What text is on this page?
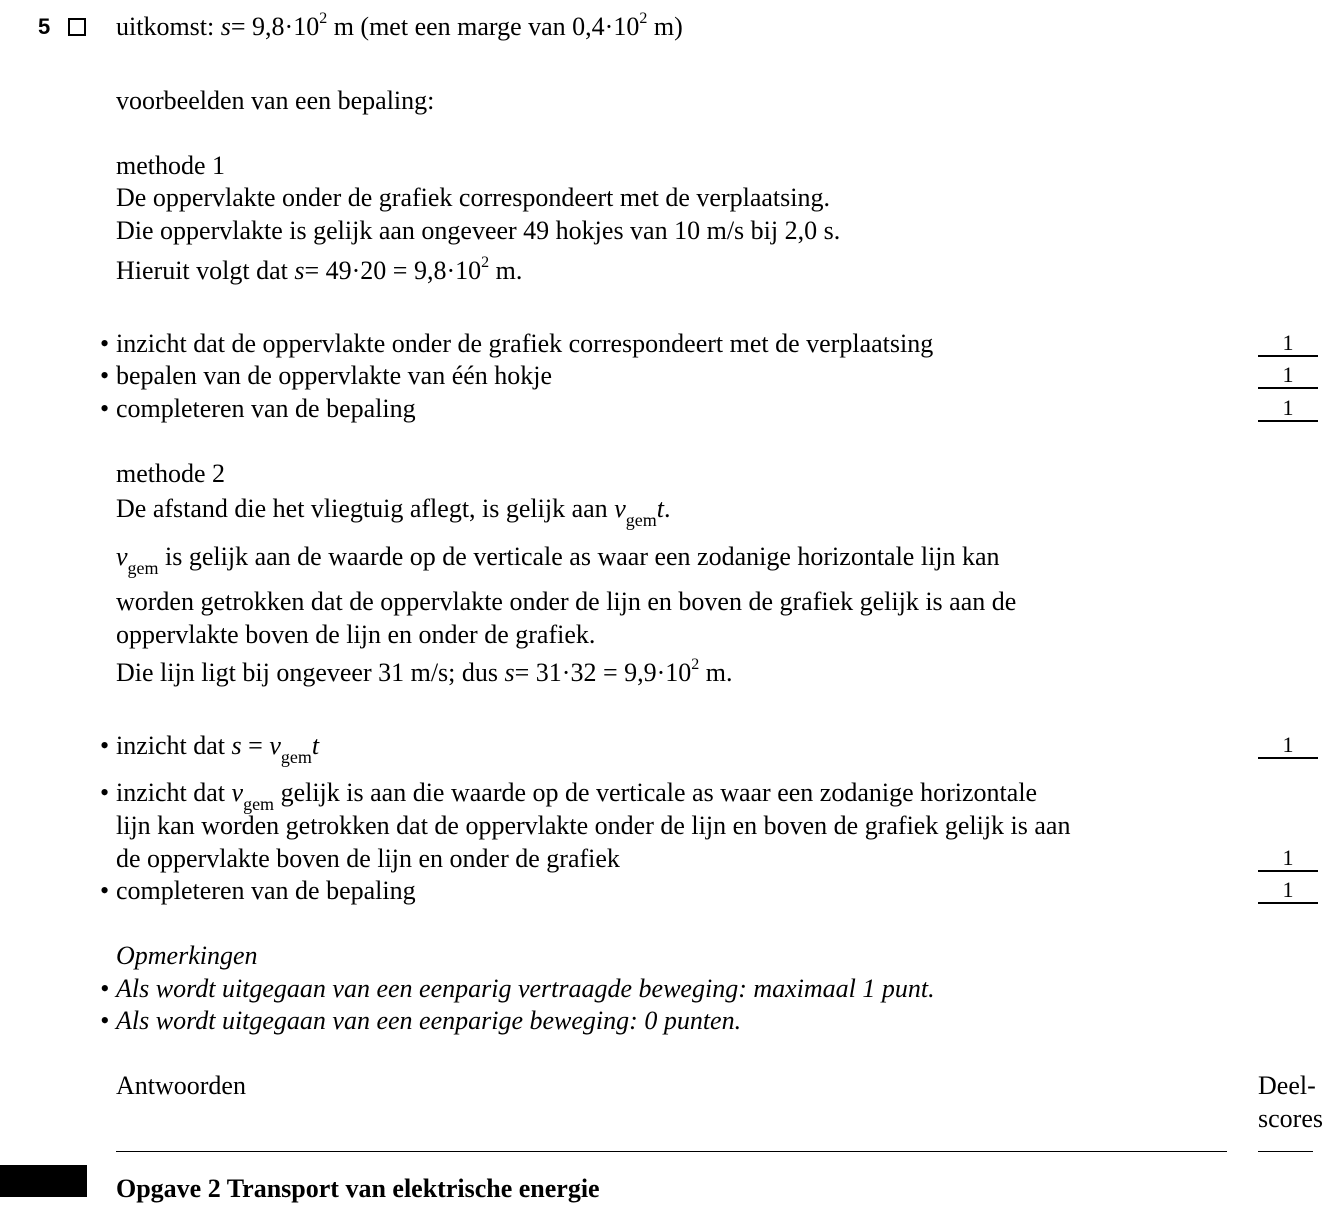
5	uitkomst: $s= 9,8\cdot 10^2$ m (met een marge van $0,4\cdot 10^2$ m)
voorbeelden van een bepaling:
methode 1
De oppervlakte onder de grafiek correspondeert met de verplaatsing.
Die oppervlakte is gelijk aan ongeveer 49 hokjes van 10 m/s bij 2,0 s.
Hieruit volgt dat $s= 49\cdot 20 = 9,8\cdot 10^2$ m.
• inzicht dat de oppervlakte onder de grafiek correspondeert met de verplaatsing	1
• bepalen van de oppervlakte van één hokje	1
• completeren van de bepaling	1
methode 2
De afstand die het vliegtuig aflegt, is gelijk aan $v_{gem}t$.
$v_{gem}$ is gelijk aan de waarde op de verticale as waar een zodanige horizontale lijn kan
worden getrokken dat de oppervlakte onder de lijn en boven de grafiek gelijk is aan de
oppervlakte boven de lijn en onder de grafiek.
Die lijn ligt bij ongeveer 31 m/s; dus $s= 31\cdot 32 = 9,9\cdot 10^2$ m.
• inzicht dat $s = v_{gem}t$	1
• inzicht dat $v_{gem}$ gelijk is aan die waarde op de verticale as waar een zodanige horizontale
lijn kan worden getrokken dat de oppervlakte onder de lijn en boven de grafiek gelijk is aan
de oppervlakte boven de lijn en onder de grafiek	1
• completeren van de bepaling	1
Opmerkingen
• Als wordt uitgegaan van een eenparig vertraagde beweging: maximaal 1 punt.
• Als wordt uitgegaan van een eenparige beweging: 0 punten.
Antwoorden	Deel-
scores
Opgave 2 Transport van elektrische energie
